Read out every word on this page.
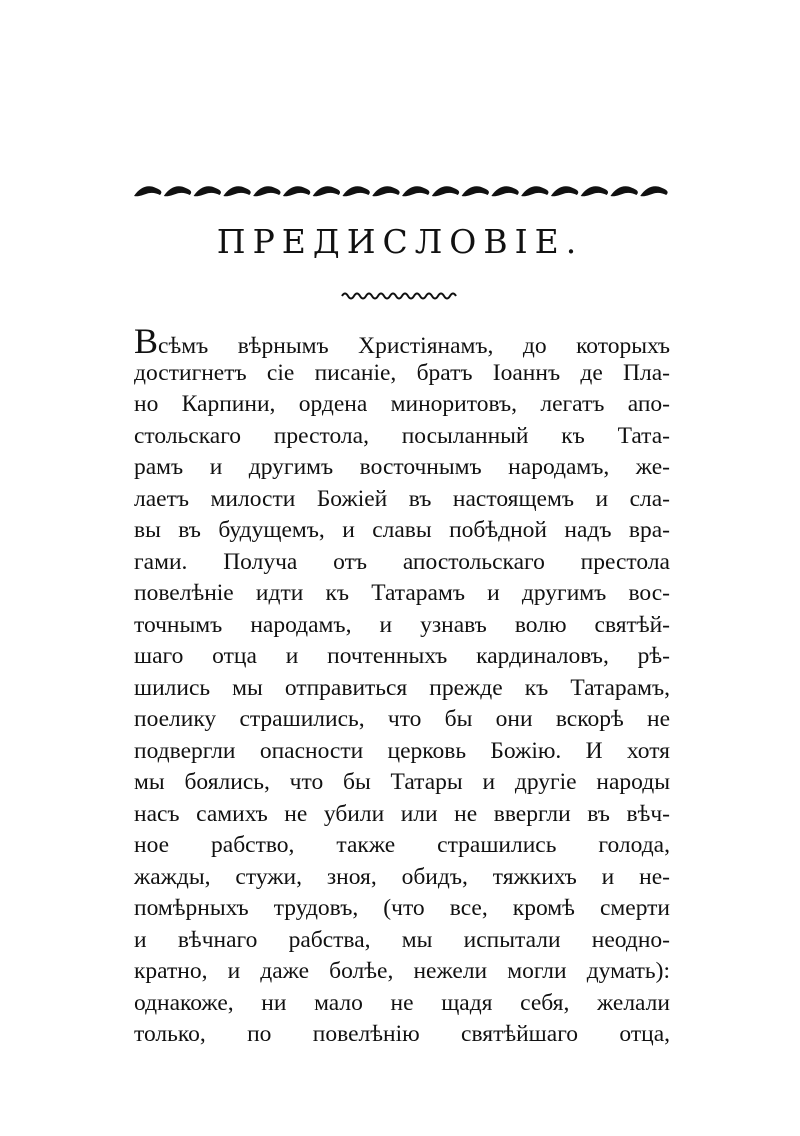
ПРЕДИСЛОВІЕ.
Всѣмъ вѣрнымъ Христіянамъ, до которыхъ
достигнетъ сіе писаніе, братъ Іоаннъ де Пла-
но Карпини, ордена миноритовъ, легатъ апо-
стольскаго престола, посыланный къ Тата-
рамъ и другимъ восточнымъ народамъ, же-
лаетъ милости Божіей въ настоящемъ и сла-
вы въ будущемъ, и славы побѣдной надъ вра-
гами. Получа отъ апостольскаго престола
повелѣніе идти къ Татарамъ и другимъ вос-
точнымъ народамъ, и узнавъ волю святѣй-
шаго отца и почтенныхъ кардиналовъ, рѣ-
шились мы отправиться прежде къ Татарамъ,
поелику страшились, что бы они вскорѣ не
подвергли опасности церковь Божію. И хотя
мы боялись, что бы Татары и другіе народы
насъ самихъ не убили или не ввергли въ вѣч-
ное рабство, также страшились голода,
жажды, стужи, зноя, обидъ, тяжкихъ и не-
помѣрныхъ трудовъ, (что все, кромѣ смерти
и вѣчнаго рабства, мы испытали неодно-
кратно, и даже болѣе, нежели могли думать):
однакоже, ни мало не щадя себя, желали
только, по повелѣнію святѣйшаго отца,
